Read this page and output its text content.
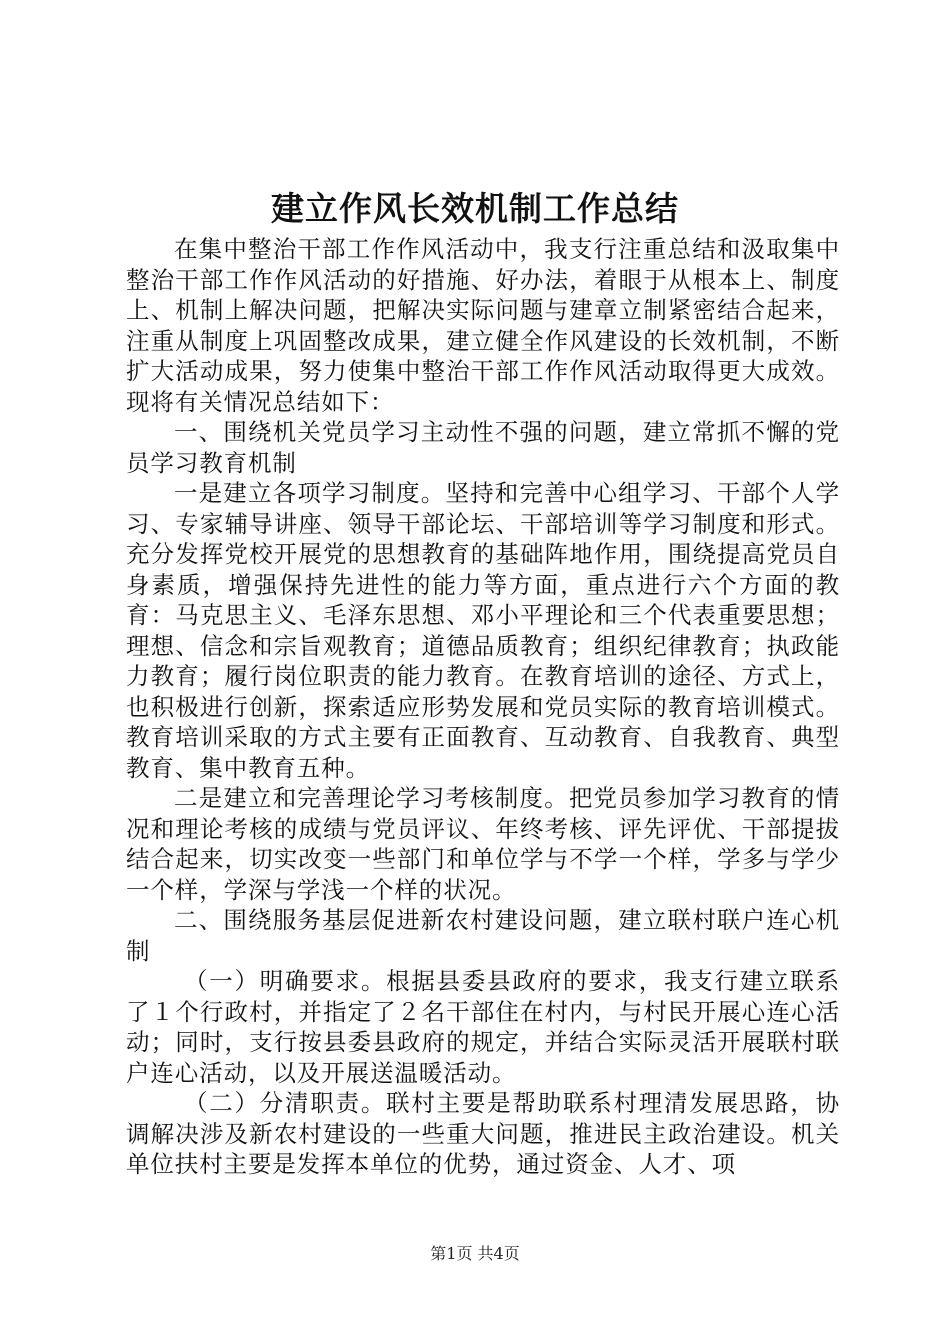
建立作风长效机制工作总结

在集中整治干部工作作风活动中，我支行注重总结和汲取集中整治干部工作作风活动的好措施、好办法，着眼于从根本上、制度上、机制上解决问题，把解决实际问题与建章立制紧密结合起来，注重从制度上巩固整改成果，建立健全作风建设的长效机制，不断扩大活动成果，努力使集中整治干部工作作风活动取得更大成效。现将有关情况总结如下：

一、围绕机关党员学习主动性不强的问题，建立常抓不懈的党员学习教育机制

一是建立各项学习制度。坚持和完善中心组学习、干部个人学习、专家辅导讲座、领导干部论坛、干部培训等学习制度和形式。充分发挥党校开展党的思想教育的基础阵地作用，围绕提高党员自身素质，增强保持先进性的能力等方面，重点进行六个方面的教育：马克思主义、毛泽东思想、邓小平理论和三个代表重要思想；理想、信念和宗旨观教育；道德品质教育；组织纪律教育；执政能力教育；履行岗位职责的能力教育。在教育培训的途径、方式上，也积极进行创新，探索适应形势发展和党员实际的教育培训模式。教育培训采取的方式主要有正面教育、互动教育、自我教育、典型教育、集中教育五种。

二是建立和完善理论学习考核制度。把党员参加学习教育的情况和理论考核的成绩与党员评议、年终考核、评先评优、干部提拔结合起来，切实改变一些部门和单位学与不学一个样，学多与学少一个样，学深与学浅一个样的状况。

二、围绕服务基层促进新农村建设问题，建立联村联户连心机制

（一）明确要求。根据县委县政府的要求，我支行建立联系了１个行政村，并指定了２名干部住在村内，与村民开展心连心活动；同时，支行按县委县政府的规定，并结合实际灵活开展联村联户连心活动，以及开展送温暖活动。

（二）分清职责。联村主要是帮助联系村理清发展思路，协调解决涉及新农村建设的一些重大问题，推进民主政治建设。机关单位扶村主要是发挥本单位的优势，通过资金、人才、项

第1页 共4页
